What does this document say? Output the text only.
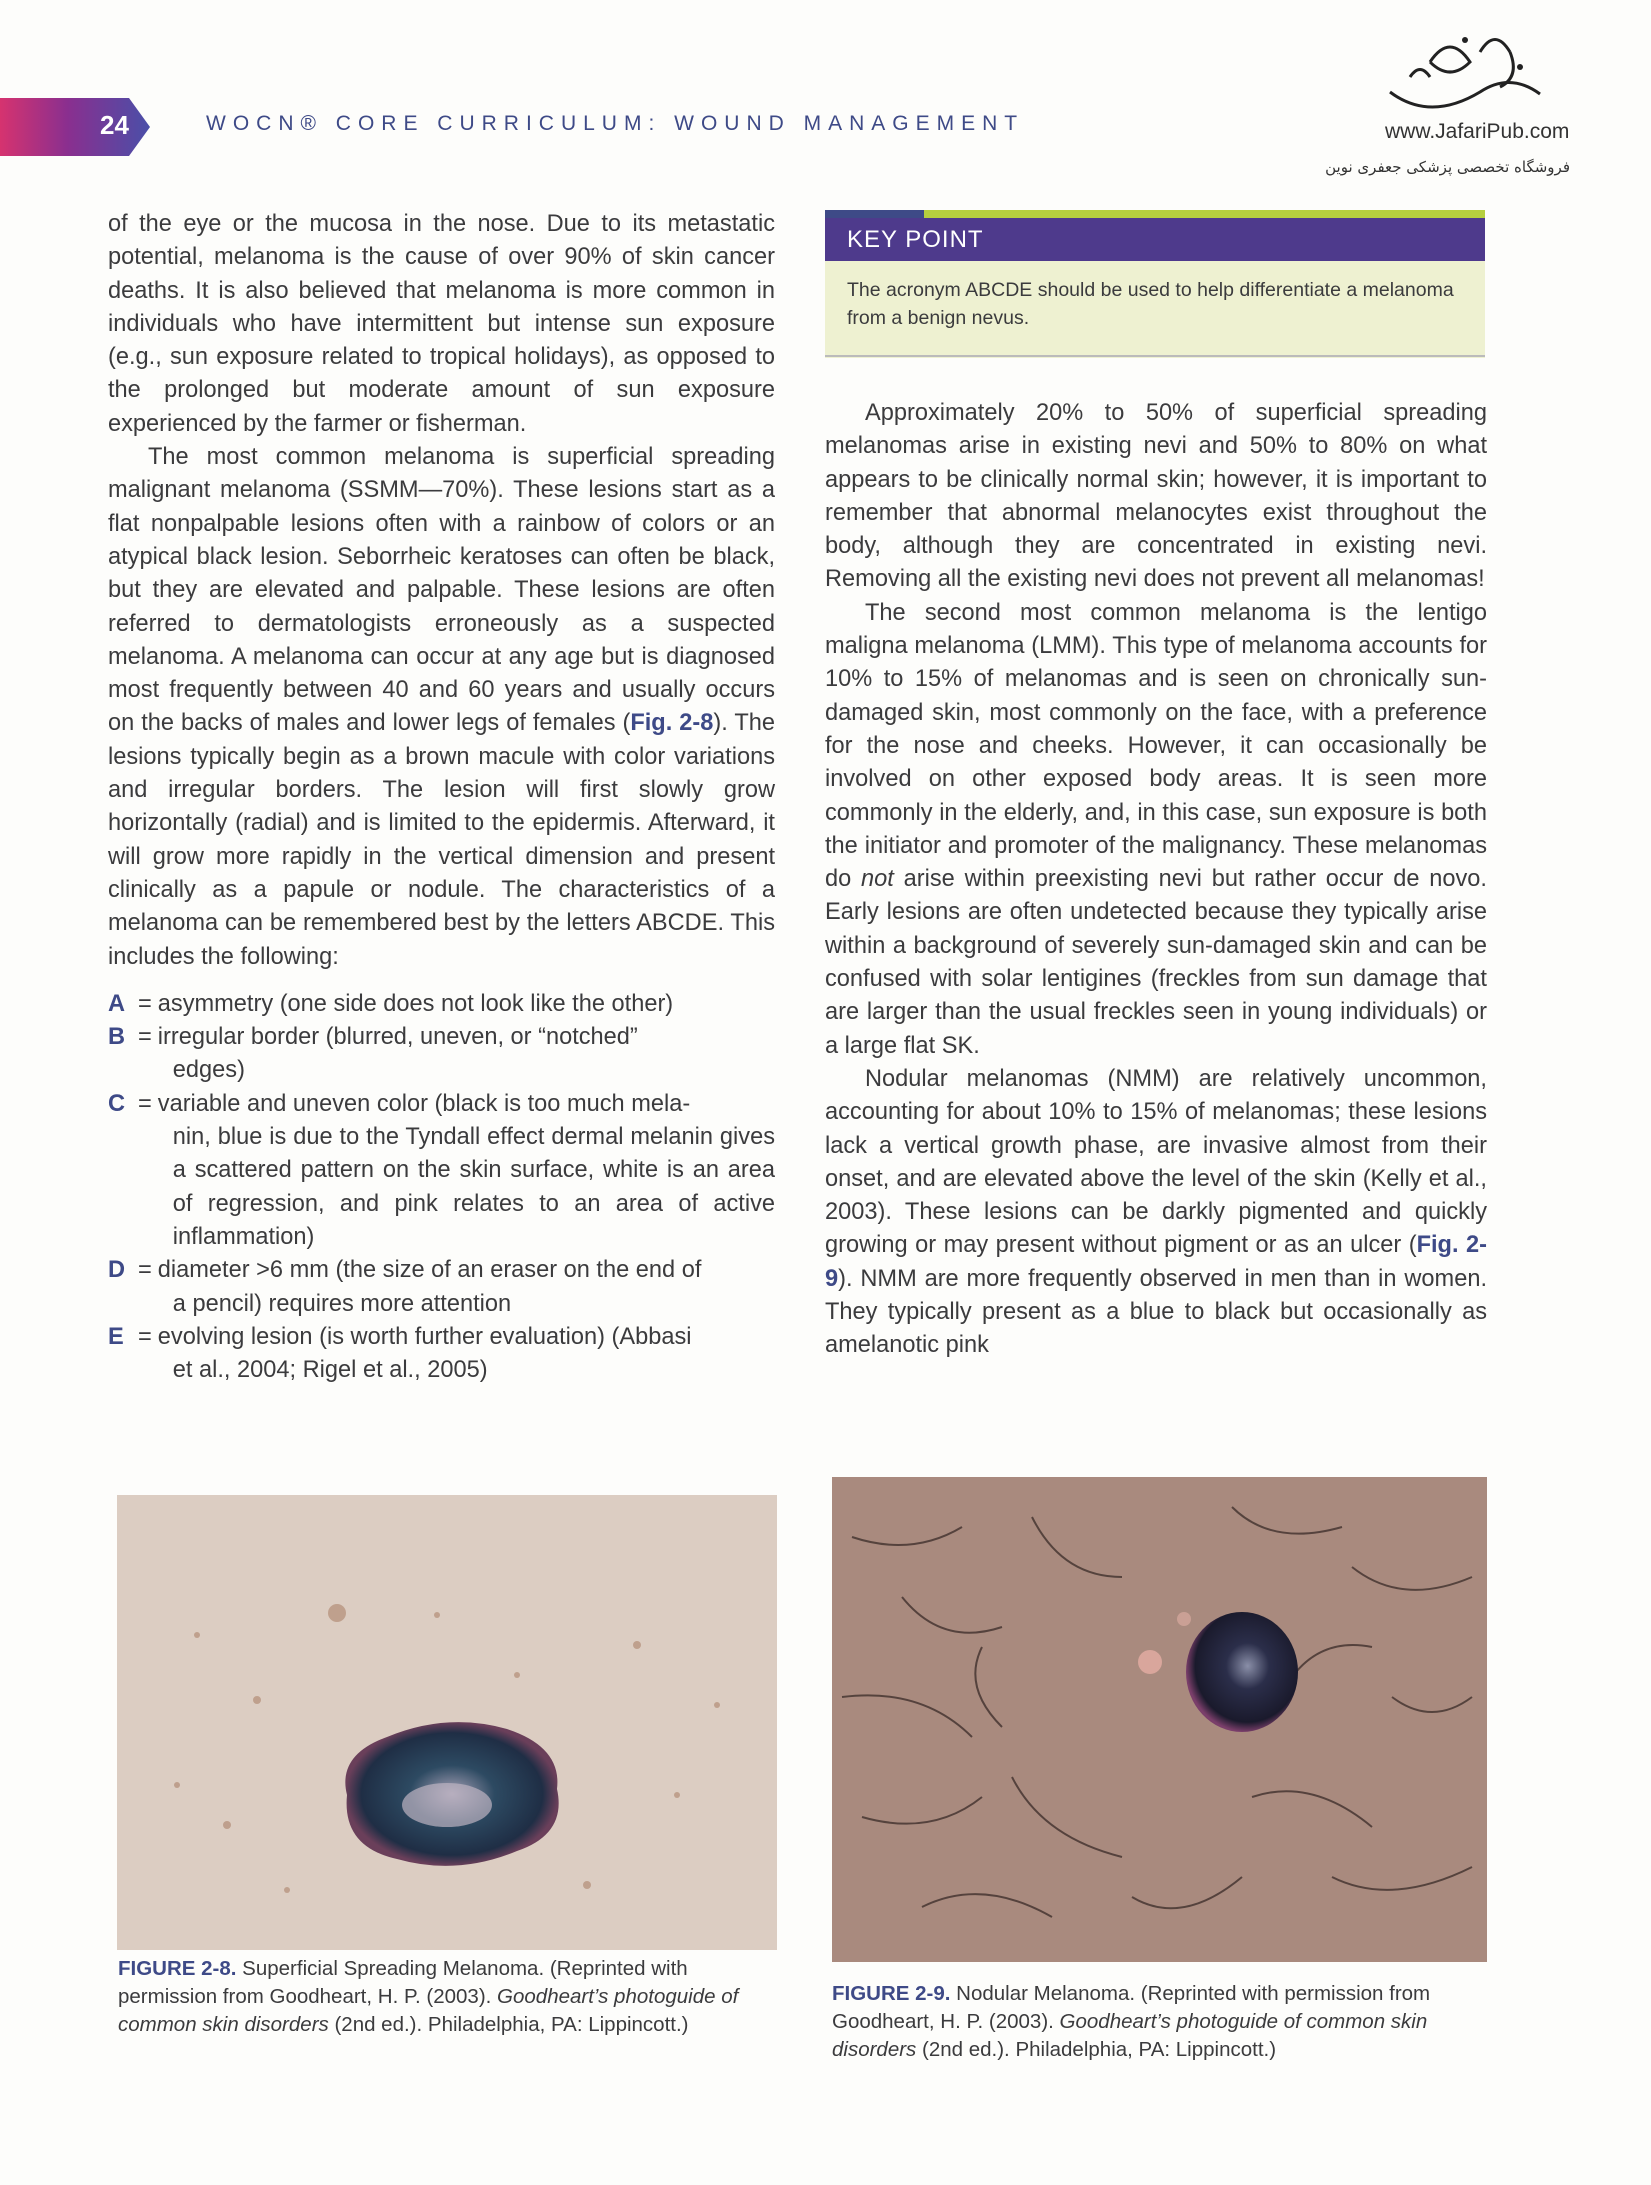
24	WOCN® CORE CURRICULUM: WOUND MANAGEMENT	www.JafariPub.com
فروشگاه تخصصی پزشکی جعفری نوین

of the eye or the mucosa in the nose. Due to its metastatic potential, melanoma is the cause of over 90% of skin cancer deaths. It is also believed that melanoma is more common in individuals who have intermittent but intense sun exposure (e.g., sun exposure related to tropical holidays), as opposed to the prolonged but moderate amount of sun exposure experienced by the farmer or fisherman.

The most common melanoma is superficial spreading malignant melanoma (SSMM—70%). These lesions start as a flat nonpalpable lesions often with a rainbow of colors or an atypical black lesion. Seborrheic keratoses can often be black, but they are elevated and palpable. These lesions are often referred to dermatologists erroneously as a suspected melanoma. A melanoma can occur at any age but is diagnosed most frequently between 40 and 60 years and usually occurs on the backs of males and lower legs of females (Fig. 2-8). The lesions typically begin as a brown macule with color variations and irregular borders. The lesion will first slowly grow horizontally (radial) and is limited to the epidermis. Afterward, it will grow more rapidly in the vertical dimension and present clinically as a papule or nodule. The characteristics of a melanoma can be remembered best by the letters ABCDE. This includes the following:

A = asymmetry (one side does not look like the other)
B = irregular border (blurred, uneven, or “notched”
edges)
C = variable and uneven color (black is too much mela-
nin, blue is due to the Tyndall effect dermal melanin gives a scattered pattern on the skin surface, white is an area of regression, and pink relates to an area of active inflammation)
D = diameter >6 mm (the size of an eraser on the end of
a pencil) requires more attention
E = evolving lesion (is worth further evaluation) (Abbasi
et al., 2004; Rigel et al., 2005)

KEY POINT
The acronym ABCDE should be used to help differentiate a melanoma from a benign nevus.

Approximately 20% to 50% of superficial spreading melanomas arise in existing nevi and 50% to 80% on what appears to be clinically normal skin; however, it is important to remember that abnormal melanocytes exist throughout the body, although they are concentrated in existing nevi. Removing all the existing nevi does not prevent all melanomas!

The second most common melanoma is the lentigo maligna melanoma (LMM). This type of melanoma accounts for 10% to 15% of melanomas and is seen on chronically sun-damaged skin, most commonly on the face, with a preference for the nose and cheeks. However, it can occasionally be involved on other exposed body areas. It is seen more commonly in the elderly, and, in this case, sun exposure is both the initiator and promoter of the malignancy. These melanomas do not arise within preexisting nevi but rather occur de novo. Early lesions are often undetected because they typically arise within a background of severely sun-damaged skin and can be confused with solar lentigines (freckles from sun damage that are larger than the usual freckles seen in young individuals) or a large flat SK.

Nodular melanomas (NMM) are relatively uncommon, accounting for about 10% to 15% of melanomas; these lesions lack a vertical growth phase, are invasive almost from their onset, and are elevated above the level of the skin (Kelly et al., 2003). These lesions can be darkly pigmented and quickly growing or may present without pigment or as an ulcer (Fig. 2-9). NMM are more frequently observed in men than in women. They typically present as a blue to black but occasionally as amelanotic pink

FIGURE 2-8. Superficial Spreading Melanoma. (Reprinted with permission from Goodheart, H. P. (2003). Goodheart’s photoguide of common skin disorders (2nd ed.). Philadelphia, PA: Lippincott.)
FIGURE 2-9. Nodular Melanoma. (Reprinted with permission from Goodheart, H. P. (2003). Goodheart’s photoguide of common skin disorders (2nd ed.). Philadelphia, PA: Lippincott.)
